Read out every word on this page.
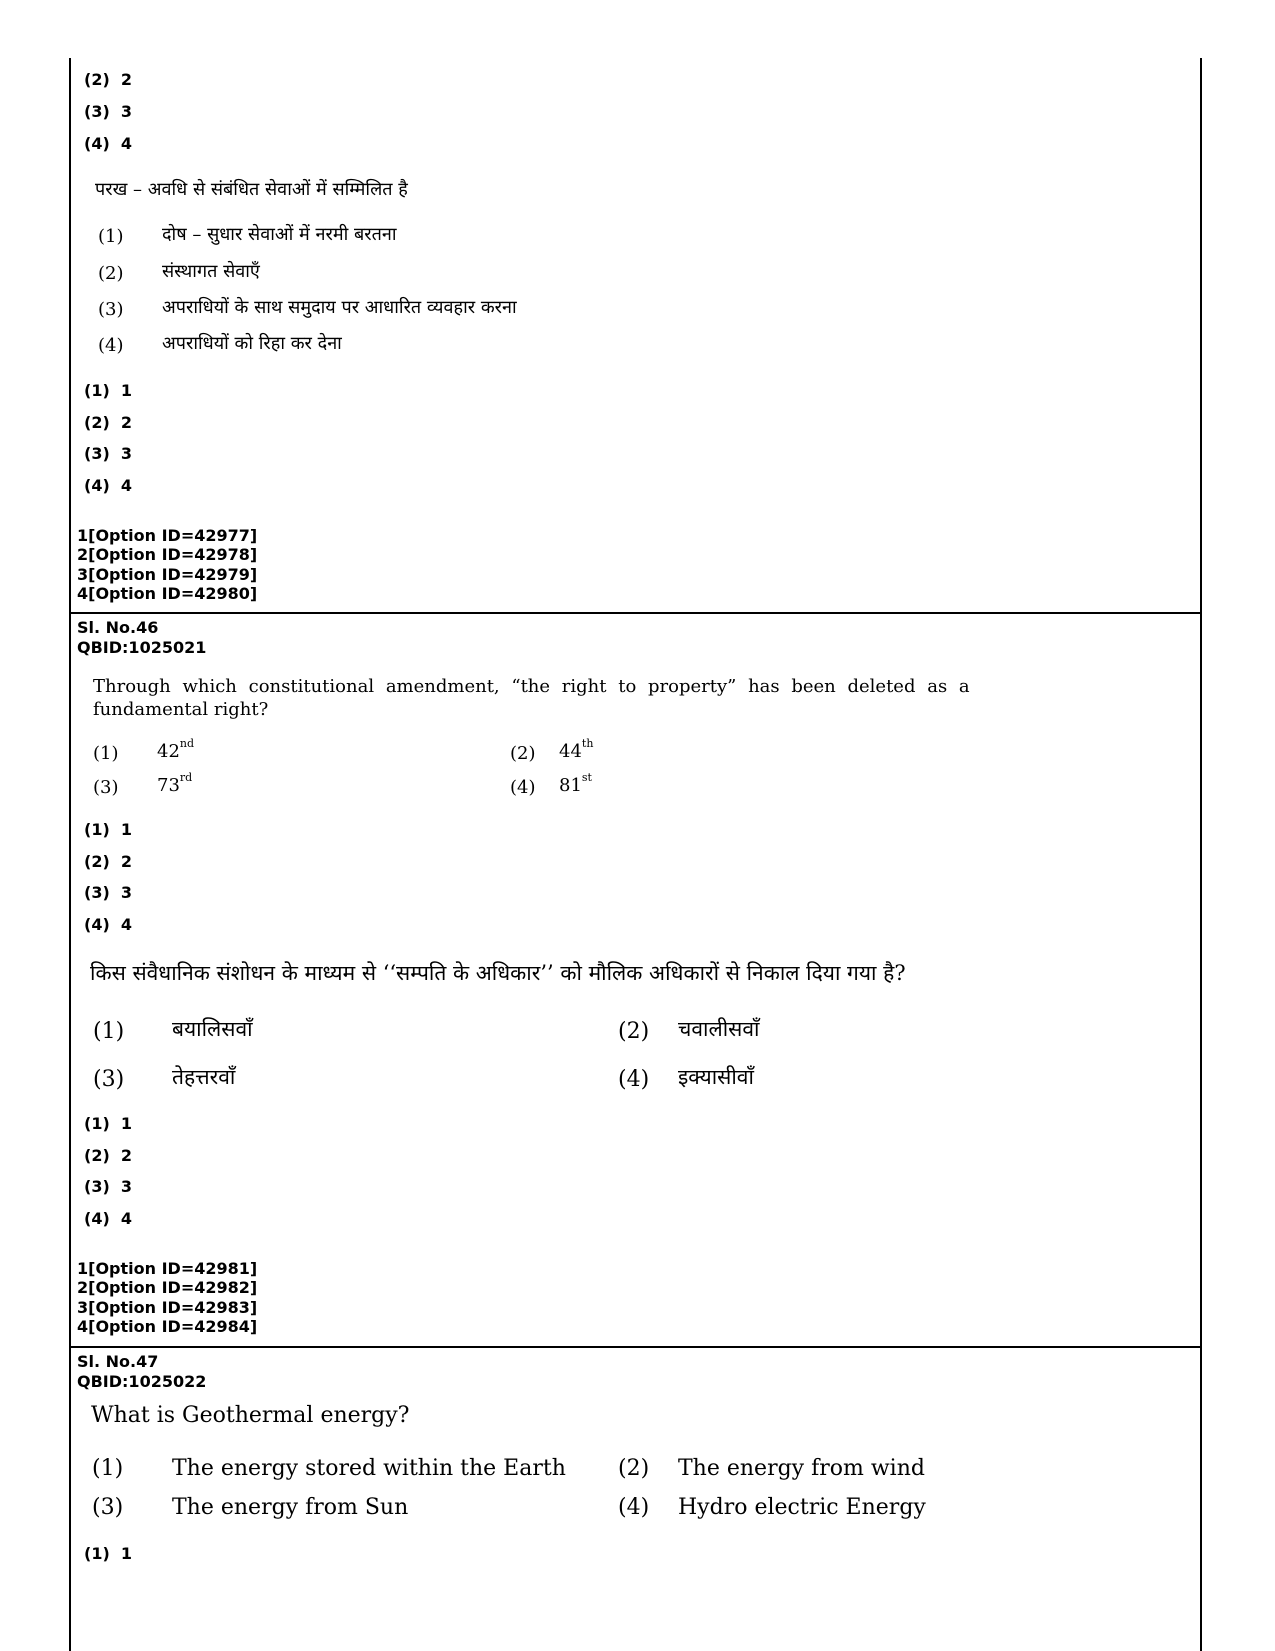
(2)  2
(3)  3
(4)  4
परख – अवधि से संबंधित सेवाओं में सम्मिलित है
(1) दोष – सुधार सेवाओं में नरमी बरतना
(2) संस्थागत सेवाएँ
(3) अपराधियों के साथ समुदाय पर आधारित व्यवहार करना
(4) अपराधियों को रिहा कर देना
(1)  1
(2)  2
(3)  3
(4)  4
1[Option ID=42977]
2[Option ID=42978]
3[Option ID=42979]
4[Option ID=42980]
Sl. No.46
QBID:1025021
Through which constitutional amendment, “the right to property” has been deleted as a
fundamental right?
(1) 42nd	(2) 44th
(3) 73rd	(4) 81st
(1)  1
(2)  2
(3)  3
(4)  4
किस संवैधानिक संशोधन के माध्यम से ‘‘सम्पति के अधिकार’’ को मौलिक अधिकारों से निकाल दिया गया है?
(1) बयालिसवाँ	(2) चवालीसवाँ
(3) तेहत्तरवाँ	(4) इक्यासीवाँ
(1)  1
(2)  2
(3)  3
(4)  4
1[Option ID=42981]
2[Option ID=42982]
3[Option ID=42983]
4[Option ID=42984]
Sl. No.47
QBID:1025022
What is Geothermal energy?
(1) The energy stored within the Earth (2) The energy from wind
(3) The energy from Sun	(4) Hydro electric Energy
(1)  1
